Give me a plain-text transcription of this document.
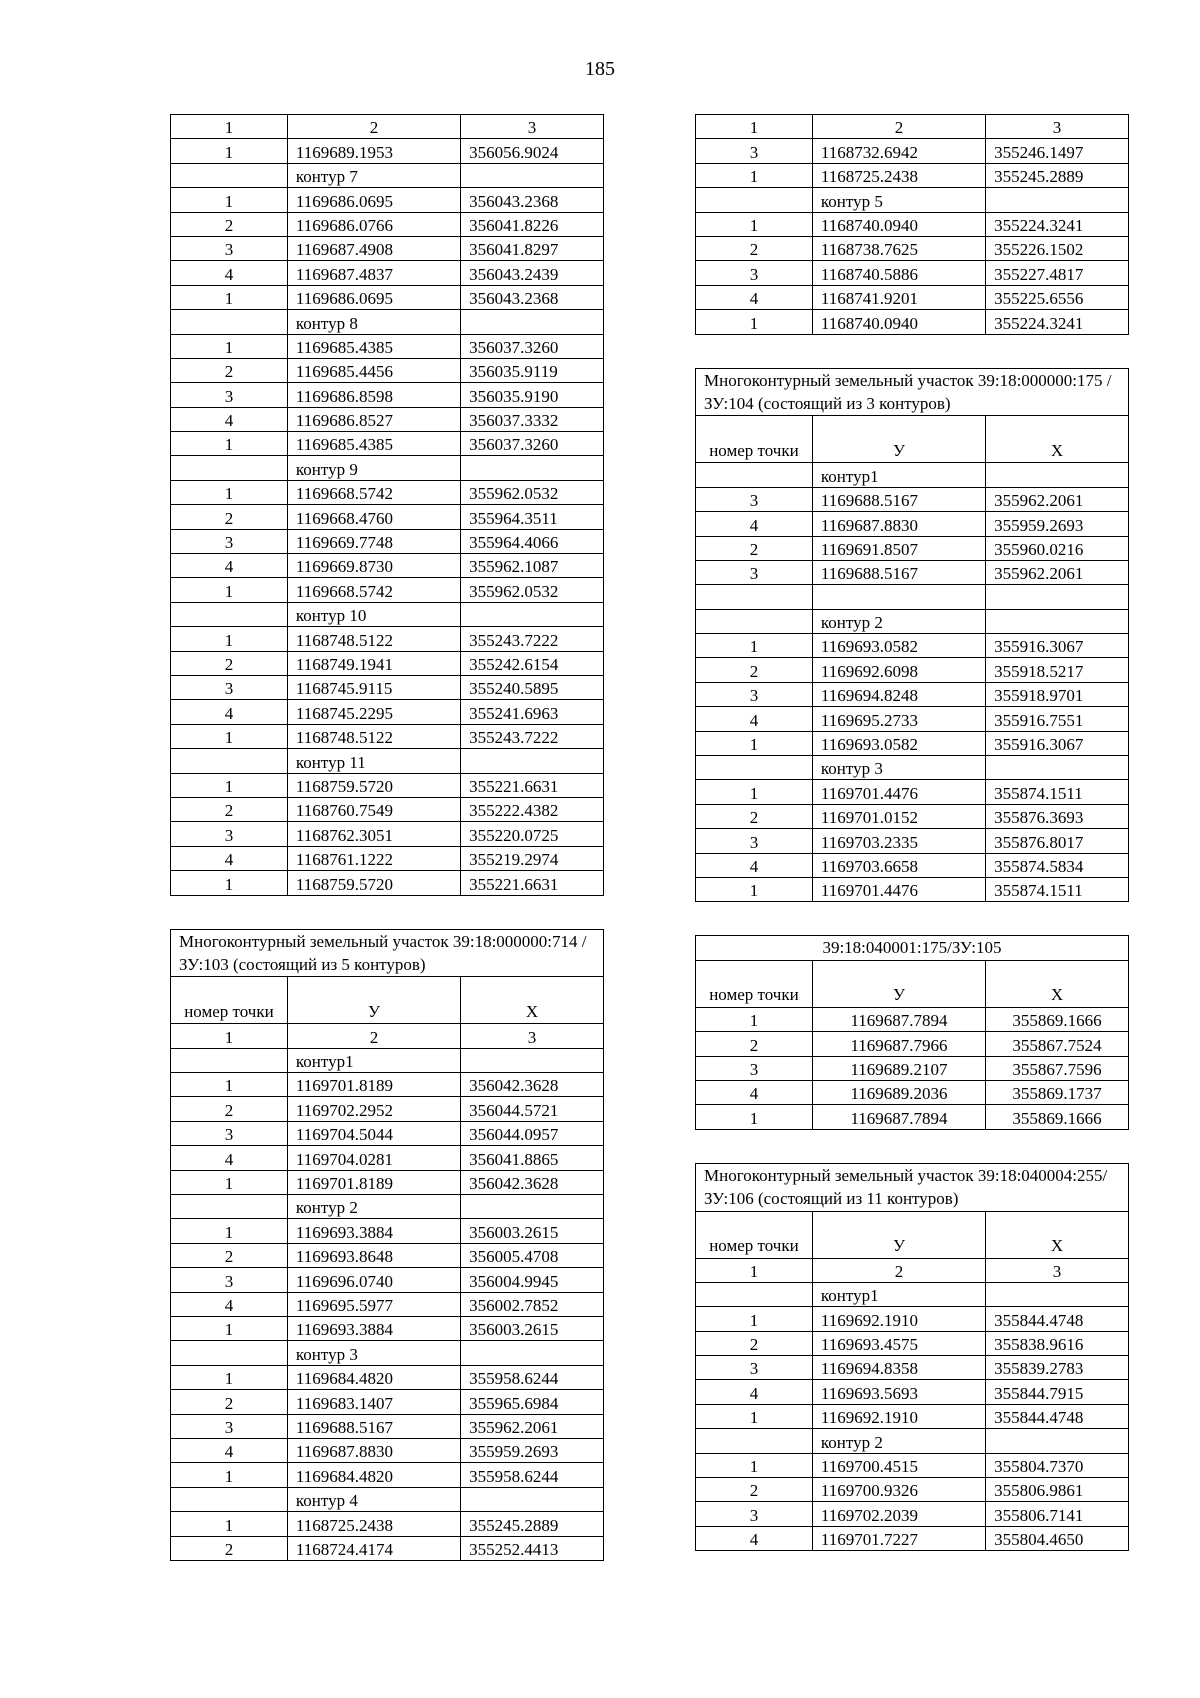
185
1	2	3
1	1169689.1953	356056.9024
	контур 7	
1	1169686.0695	356043.2368
2	1169686.0766	356041.8226
3	1169687.4908	356041.8297
4	1169687.4837	356043.2439
1	1169686.0695	356043.2368
	контур 8	
1	1169685.4385	356037.3260
2	1169685.4456	356035.9119
3	1169686.8598	356035.9190
4	1169686.8527	356037.3332
1	1169685.4385	356037.3260
	контур 9	
1	1169668.5742	355962.0532
2	1169668.4760	355964.3511
3	1169669.7748	355964.4066
4	1169669.8730	355962.1087
1	1169668.5742	355962.0532
	контур 10	
1	1168748.5122	355243.7222
2	1168749.1941	355242.6154
3	1168745.9115	355240.5895
4	1168745.2295	355241.6963
1	1168748.5122	355243.7222
	контур 11	
1	1168759.5720	355221.6631
2	1168760.7549	355222.4382
3	1168762.3051	355220.0725
4	1168761.1222	355219.2974
1	1168759.5720	355221.6631
Многоконтурный земельный участок 39:18:000000:714 /ЗУ:103 (состоящий из 5 контуров)		
номер точки	У	Х
1	2	3
	контур1	
1	1169701.8189	356042.3628
2	1169702.2952	356044.5721
3	1169704.5044	356044.0957
4	1169704.0281	356041.8865
1	1169701.8189	356042.3628
	контур 2	
1	1169693.3884	356003.2615
2	1169693.8648	356005.4708
3	1169696.0740	356004.9945
4	1169695.5977	356002.7852
1	1169693.3884	356003.2615
	контур 3	
1	1169684.4820	355958.6244
2	1169683.1407	355965.6984
3	1169688.5167	355962.2061
4	1169687.8830	355959.2693
1	1169684.4820	355958.6244
	контур 4	
1	1168725.2438	355245.2889
2	1168724.4174	355252.4413
1	2	3
3	1168732.6942	355246.1497
1	1168725.2438	355245.2889
	контур 5	
1	1168740.0940	355224.3241
2	1168738.7625	355226.1502
3	1168740.5886	355227.4817
4	1168741.9201	355225.6556
1	1168740.0940	355224.3241
Многоконтурный земельный участок 39:18:000000:175 /ЗУ:104 (состоящий из 3 контуров)		
номер точки	У	Х
	контур1	
3	1169688.5167	355962.2061
4	1169687.8830	355959.2693
2	1169691.8507	355960.0216
3	1169688.5167	355962.2061

	контур 2	
1	1169693.0582	355916.3067
2	1169692.6098	355918.5217
3	1169694.8248	355918.9701
4	1169695.2733	355916.7551
1	1169693.0582	355916.3067
	контур 3	
1	1169701.4476	355874.1511
2	1169701.0152	355876.3693
3	1169703.2335	355876.8017
4	1169703.6658	355874.5834
1	1169701.4476	355874.1511
39:18:040001:175/ЗУ:105		
номер точки	У	Х
1	1169687.7894	355869.1666
2	1169687.7966	355867.7524
3	1169689.2107	355867.7596
4	1169689.2036	355869.1737
1	1169687.7894	355869.1666
Многоконтурный земельный участок 39:18:040004:255/ЗУ:106 (состоящий из 11 контуров)		
номер точки	У	Х
1	2	3
	контур1	
1	1169692.1910	355844.4748
2	1169693.4575	355838.9616
3	1169694.8358	355839.2783
4	1169693.5693	355844.7915
1	1169692.1910	355844.4748
	контур 2	
1	1169700.4515	355804.7370
2	1169700.9326	355806.9861
3	1169702.2039	355806.7141
4	1169701.7227	355804.4650
